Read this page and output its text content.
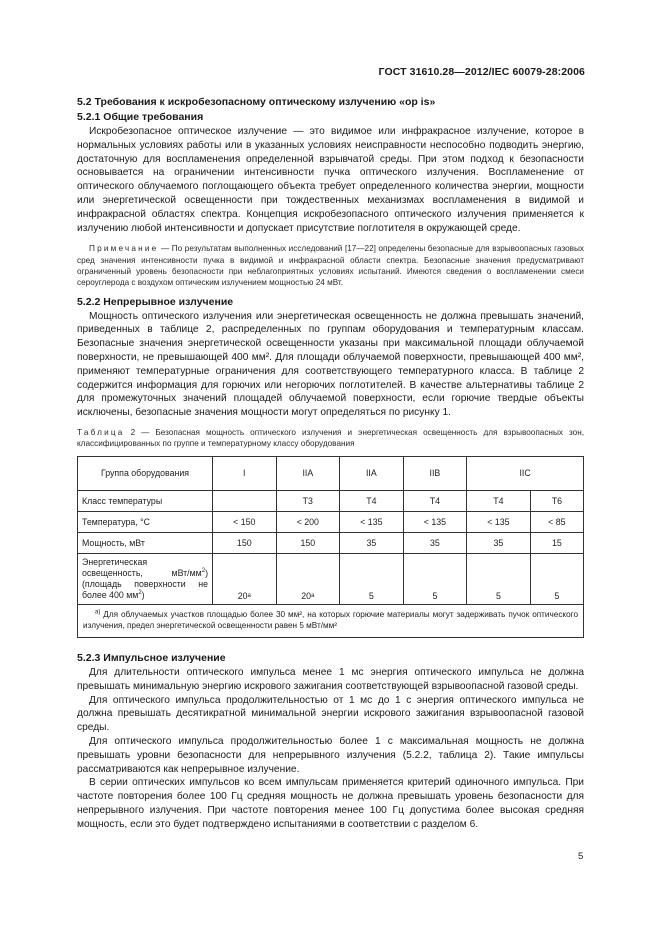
ГОСТ 31610.28—2012/IEC 60079-28:2006
5.2 Требования к искробезопасному оптическому излучению «op is»
5.2.1 Общие требования

Искробезопасное оптическое излучение — это видимое или инфракрасное излучение, которое в нормальных условиях работы или в указанных условиях неисправности неспособно подводить энергию, достаточную для воспламенения определенной взрывчатой среды. При этом подход к безопасности основывается на ограничении интенсивности пучка оптического излучения. Воспламенение от оптического облучаемого поглощающего объекта требует определенного количества энергии, мощности или энергетической освещенности при тождественных механизмах воспламенения в видимой и инфракрасной областях спектра. Концепция искробезопасного оптического излучения применяется к излучению любой интенсивности и допускает присутствие поглотителя в окружающей среде.

Примечание — По результатам выполненных исследований [17—22] определены безопасные для взрывоопасных газовых сред значения интенсивности пучка в видимой и инфракрасной области спектра. Безопасные значения предусматривают ограниченный уровень безопасности при неблагоприятных условиях испытаний. Имеются сведения о воспламенении смеси сероуглерода с воздухом оптическим излучением мощностью 24 мВт.
5.2.2 Непрерывное излучение

Мощность оптического излучения или энергетическая освещенность не должна превышать значений, приведенных в таблице 2, распределенных по группам оборудования и температурным классам. Безопасные значения энергетической освещенности указаны при максимальной площади облучаемой поверхности, не превышающей 400 мм². Для площади облучаемой поверхности, превышающей 400 мм², применяют температурные ограничения для соответствующего температурного класса. В таблице 2 содержится информация для горючих или негорючих поглотителей. В качестве альтернативы таблице 2 для промежуточных значений площадей облучаемой поверхности, если горючие твердые объекты исключены, безопасные значения мощности могут определяться по рисунку 1.

Таблица 2 — Безопасная мощность оптического излучения и энергетическая освещенность для взрывоопасных зон, классифицированных по группе и температурному классу оборудования
Группа оборудования	I	IIA	IIA	IIB	IIC	
Класс температуры		T3	T4	T4	T4	T6
Температура, °С	< 150	< 200	< 135	< 135	< 135	< 85
Мощность, мВт	150	150	35	35	35	15
Энергетическая освещенность, мВт/$мм^2$) (площадь поверхности не более 400 $мм^2$)	20ᵃ	20ᵃ	5	5	5	5
$^{a)}$ Для облучаемых участков площадью более 30 мм², на которых горючие материалы могут задерживать пучок оптического излучения, предел энергетической освещенности равен 5 мВт/мм²						
5.2.3 Импульсное излучение

Для длительности оптического импульса менее 1 мс энергия оптического импульса не должна превышать минимальную энергию искрового зажигания соответствующей взрывоопасной газовой среды.

Для оптического импульса продолжительностью от 1 мс до 1 с энергия оптического импульса не должна превышать десятикратной минимальной энергии искрового зажигания взрывоопасной газовой среды.

Для оптического импульса продолжительностью более 1 с максимальная мощность не должна превышать уровни безопасности для непрерывного излучения (5.2.2, таблица 2). Такие импульсы рассматриваются как непрерывное излучение.

В серии оптических импульсов ко всем импульсам применяется критерий одиночного импульса. При частоте повторения более 100 Гц средняя мощность не должна превышать уровень безопасности для непрерывного излучения. При частоте повторения менее 100 Гц допустима более высокая средняя мощность, если это будет подтверждено испытаниями в соответствии с разделом 6.

5
